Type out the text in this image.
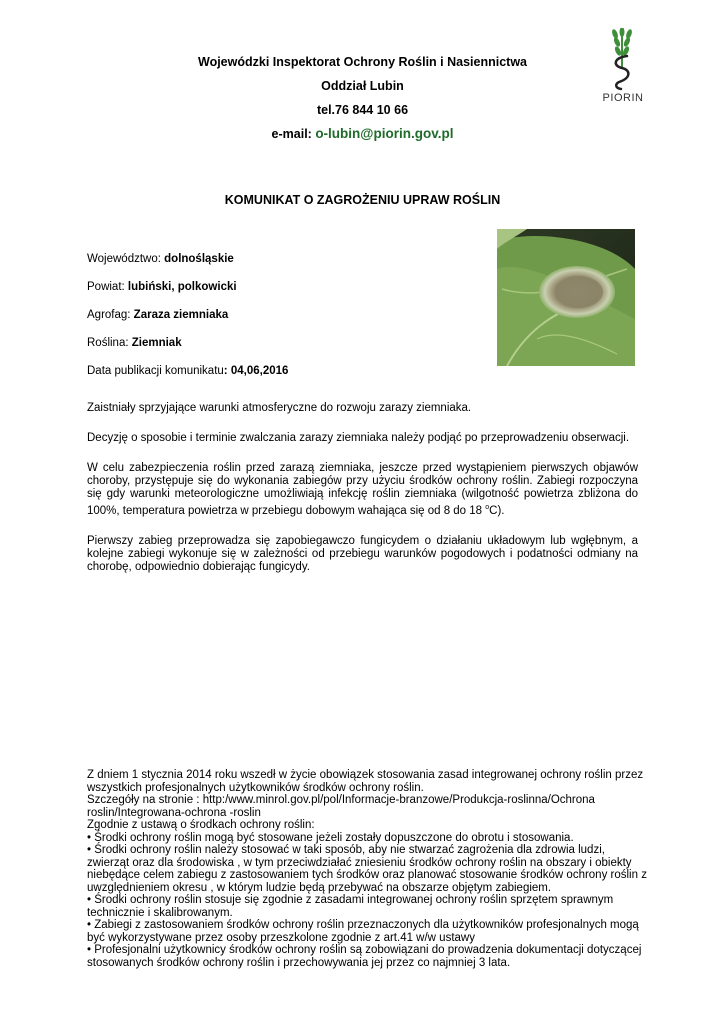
Wojewódzki Inspektorat Ochrony Roślin i Nasiennictwa
Oddział Lubin
tel.76 844 10 66
e-mail: o-lubin@piorin.gov.pl
PIORIN
KOMUNIKAT O ZAGROŻENIU UPRAW ROŚLIN
Województwo: dolnośląskie
Powiat: lubiński, polkowicki
Agrofag: Zaraza ziemniaka
Roślina: Ziemniak
Data publikacji komunikatu: 04,06,2016

Zaistniały sprzyjające warunki atmosferyczne do rozwoju zarazy ziemniaka.

Decyzję o sposobie i terminie zwalczania zarazy ziemniaka należy podjąć po przeprowadzeniu obserwacji.

W celu zabezpieczenia roślin przed zarazą ziemniaka, jeszcze przed wystąpieniem pierwszych objawów choroby, przystępuje się do wykonania zabiegów przy użyciu środków ochrony roślin. Zabiegi rozpoczyna się gdy warunki meteorologiczne umożliwiają infekcję roślin ziemniaka (wilgotność powietrza zbliżona do 100%, temperatura powietrza w przebiegu dobowym wahająca się od 8 do 18 $^o$C).

Pierwszy zabieg przeprowadza się zapobiegawczo fungicydem o działaniu układowym lub wgłębnym, a kolejne zabiegi wykonuje się w zależności od przebiegu warunków pogodowych i podatności odmiany na chorobę, odpowiednio dobierając fungicydy.

Z dniem 1 stycznia 2014 roku wszedł w życie obowiązek stosowania zasad integrowanej ochrony roślin przez wszystkich profesjonalnych użytkowników środków ochrony roślin.
Szczegóły na stronie : http:/www.minrol.gov.pl/pol/Informacje-branzowe/Produkcja-roslinna/Ochrona roslin/Integrowana-ochrona -roslin
Zgodnie z ustawą o środkach ochrony roślin:
• Środki ochrony roślin mogą być stosowane jeżeli zostały dopuszczone do obrotu i stosowania.
• Środki ochrony roślin należy stosować w taki sposób, aby nie stwarzać zagrożenia dla zdrowia ludzi, zwierząt oraz dla środowiska , w tym przeciwdziałać zniesieniu środków ochrony roślin na obszary i obiekty niebędące celem zabiegu z zastosowaniem tych środków oraz planować stosowanie środków ochrony roślin z uwzględnieniem okresu , w którym ludzie będą przebywać na obszarze objętym zabiegiem.
• Środki ochrony roślin stosuje się zgodnie z zasadami integrowanej ochrony roślin sprzętem sprawnym technicznie i skalibrowanym.
• Zabiegi z zastosowaniem środków ochrony roślin przeznaczonych dla użytkowników profesjonalnych mogą być wykorzystywane przez osoby przeszkolone zgodnie z art.41 w/w ustawy
• Profesjonalni użytkownicy środków ochrony roślin są zobowiązani do prowadzenia dokumentacji dotyczącej stosowanych środków ochrony roślin i przechowywania jej przez co najmniej 3 lata.
